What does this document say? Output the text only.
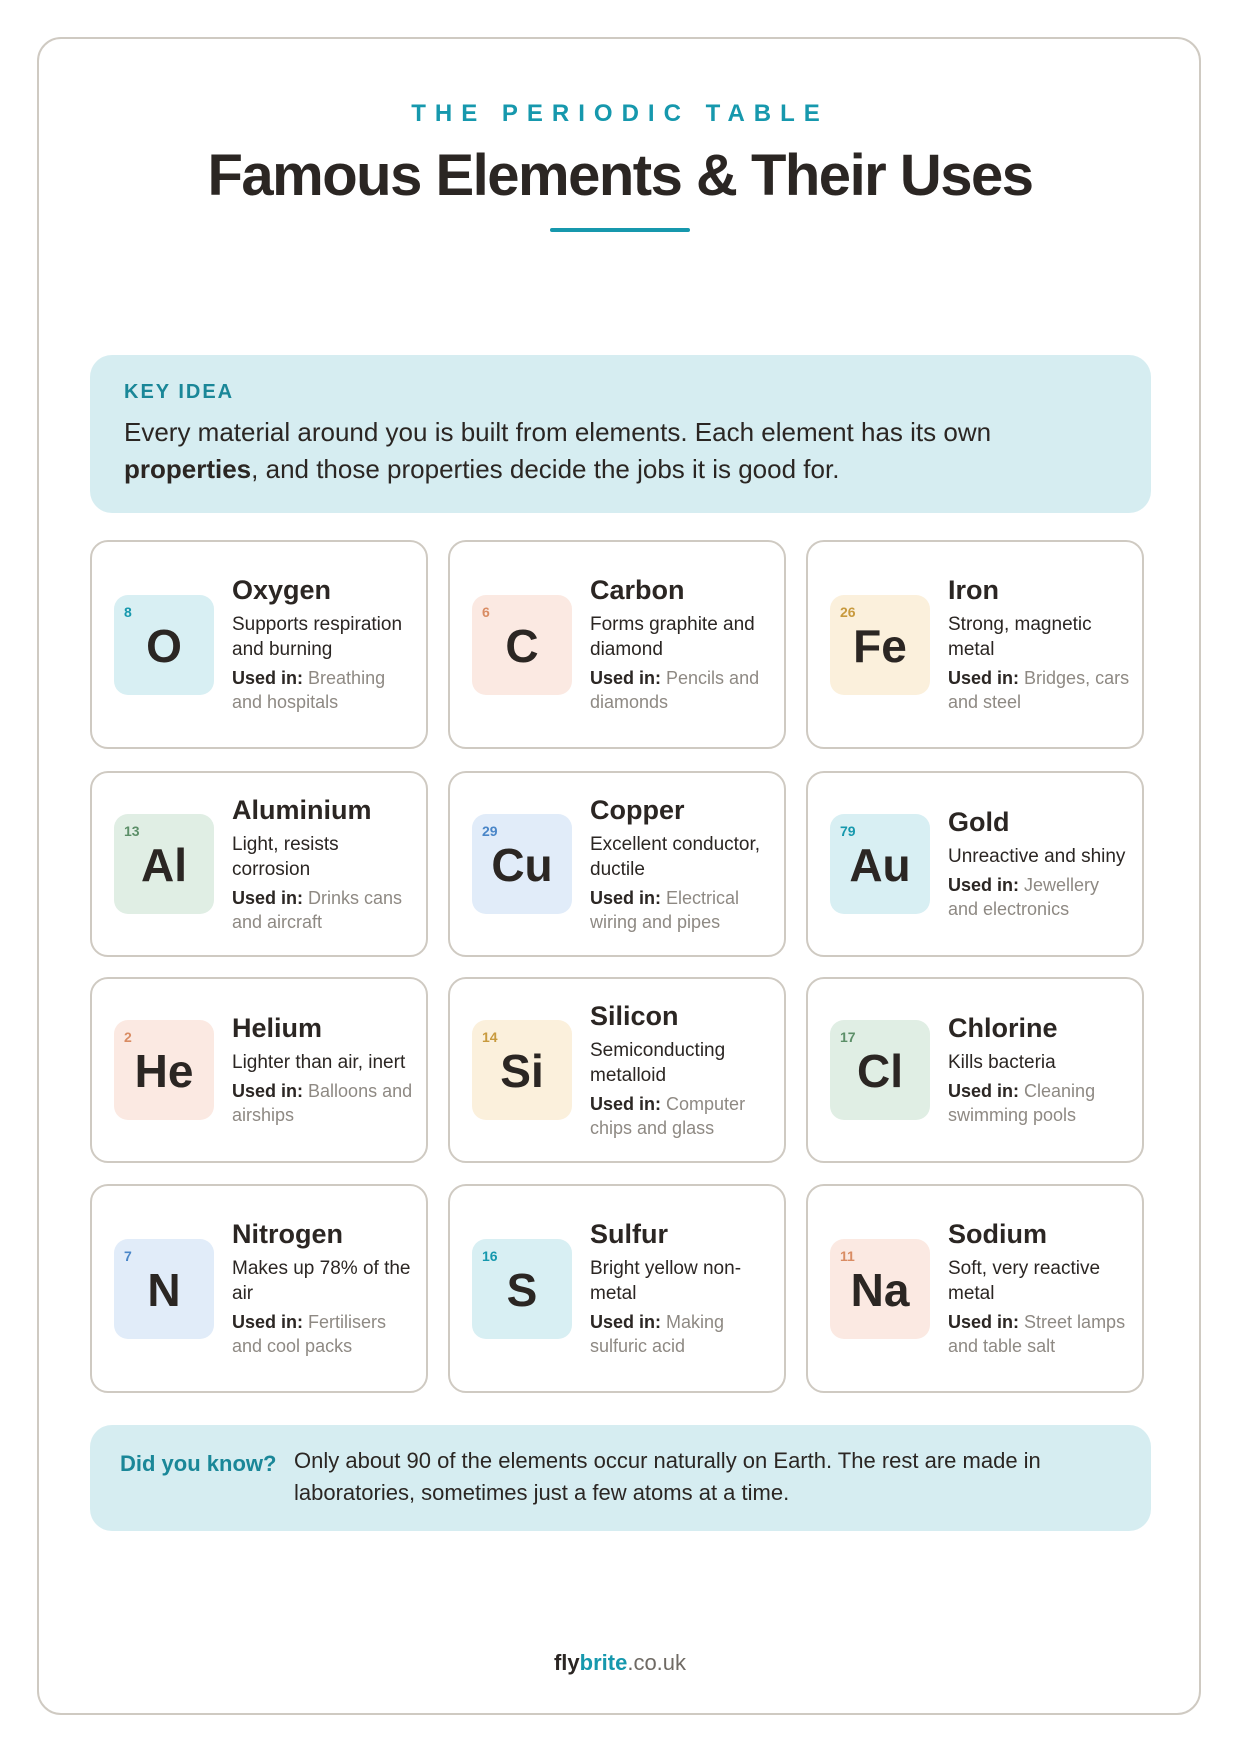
THE PERIODIC TABLE
Famous Elements & Their Uses
KEY IDEA
Every material around you is built from elements. Each element has its own properties, and those properties decide the jobs it is good for.
8
O
Oxygen
Supports respiration and burning
Used in: Breathing and hospitals
6
C
Carbon
Forms graphite and diamond
Used in: Pencils and diamonds
26
Fe
Iron
Strong, magnetic metal
Used in: Bridges, cars and steel
13
Al
Aluminium
Light, resists corrosion
Used in: Drinks cans and aircraft
29
Cu
Copper
Excellent conductor, ductile
Used in: Electrical wiring and pipes
79
Au
Gold
Unreactive and shiny
Used in: Jewellery and electronics
2
He
Helium
Lighter than air, inert
Used in: Balloons and airships
14
Si
Silicon
Semiconducting metalloid
Used in: Computer chips and glass
17
Cl
Chlorine
Kills bacteria
Used in: Cleaning swimming pools
7
N
Nitrogen
Makes up 78% of the air
Used in: Fertilisers and cool packs
16
S
Sulfur
Bright yellow non-metal
Used in: Making sulfuric acid
11
Na
Sodium
Soft, very reactive metal
Used in: Street lamps and table salt
Did you know? Only about 90 of the elements occur naturally on Earth. The rest are made in laboratories, sometimes just a few atoms at a time.
flybrite.co.uk
